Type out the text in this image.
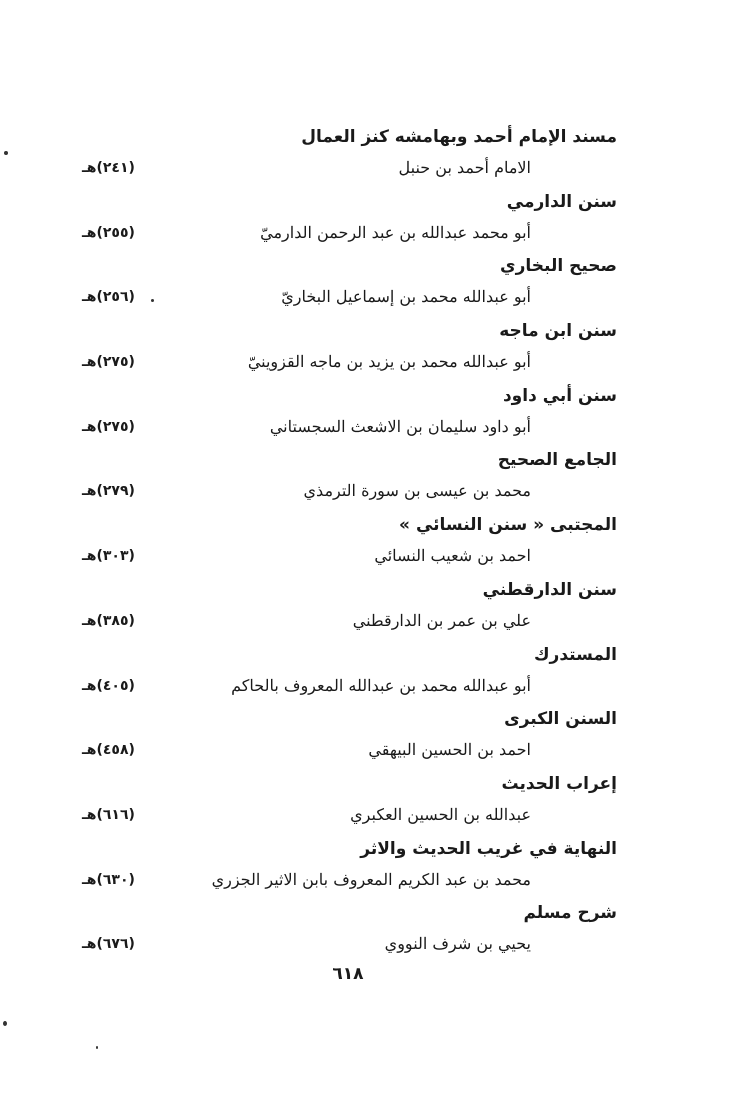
مسند الإمام أحمد وبهامشه كنز العمال
الامام أحمد بن حنبل
(٢٤١)هـ
سنن الدارمي
أبو محمد عبدالله بن عبد الرحمن الدارميّ
(٢٥٥)هـ
صحيح البخاري
أبو عبدالله محمد بن إسماعيل البخاريّ
(٢٥٦)هـ
سنن ابن ماجه
أبو عبدالله محمد بن يزيد بن ماجه القزوينيّ
(٢٧٥)هـ
سنن أبي داود
أبو داود سليمان بن الاشعث السجستاني
(٢٧٥)هـ
الجامع الصحيح
محمد بن عيسى بن سورة الترمذي
(٢٧٩)هـ
المجتبى « سنن النسائي »
احمد بن شعيب النسائي
(٣٠٣)هـ
سنن الدارقطني
علي بن عمر بن الدارقطني
(٣٨٥)هـ
المستدرك
أبو عبدالله محمد بن عبدالله المعروف بالحاكم
(٤٠٥)هـ
السنن الكبرى
احمد بن الحسين البيهقي
(٤٥٨)هـ
إعراب الحديث
عبدالله بن الحسين العكبري
(٦١٦)هـ
النهاية في غريب الحديث والاثر
محمد بن عبد الكريم المعروف بابن الاثير الجزري
(٦٣٠)هـ
شرح مسلم
يحيي بن شرف النووي
(٦٧٦)هـ
٦١٨
